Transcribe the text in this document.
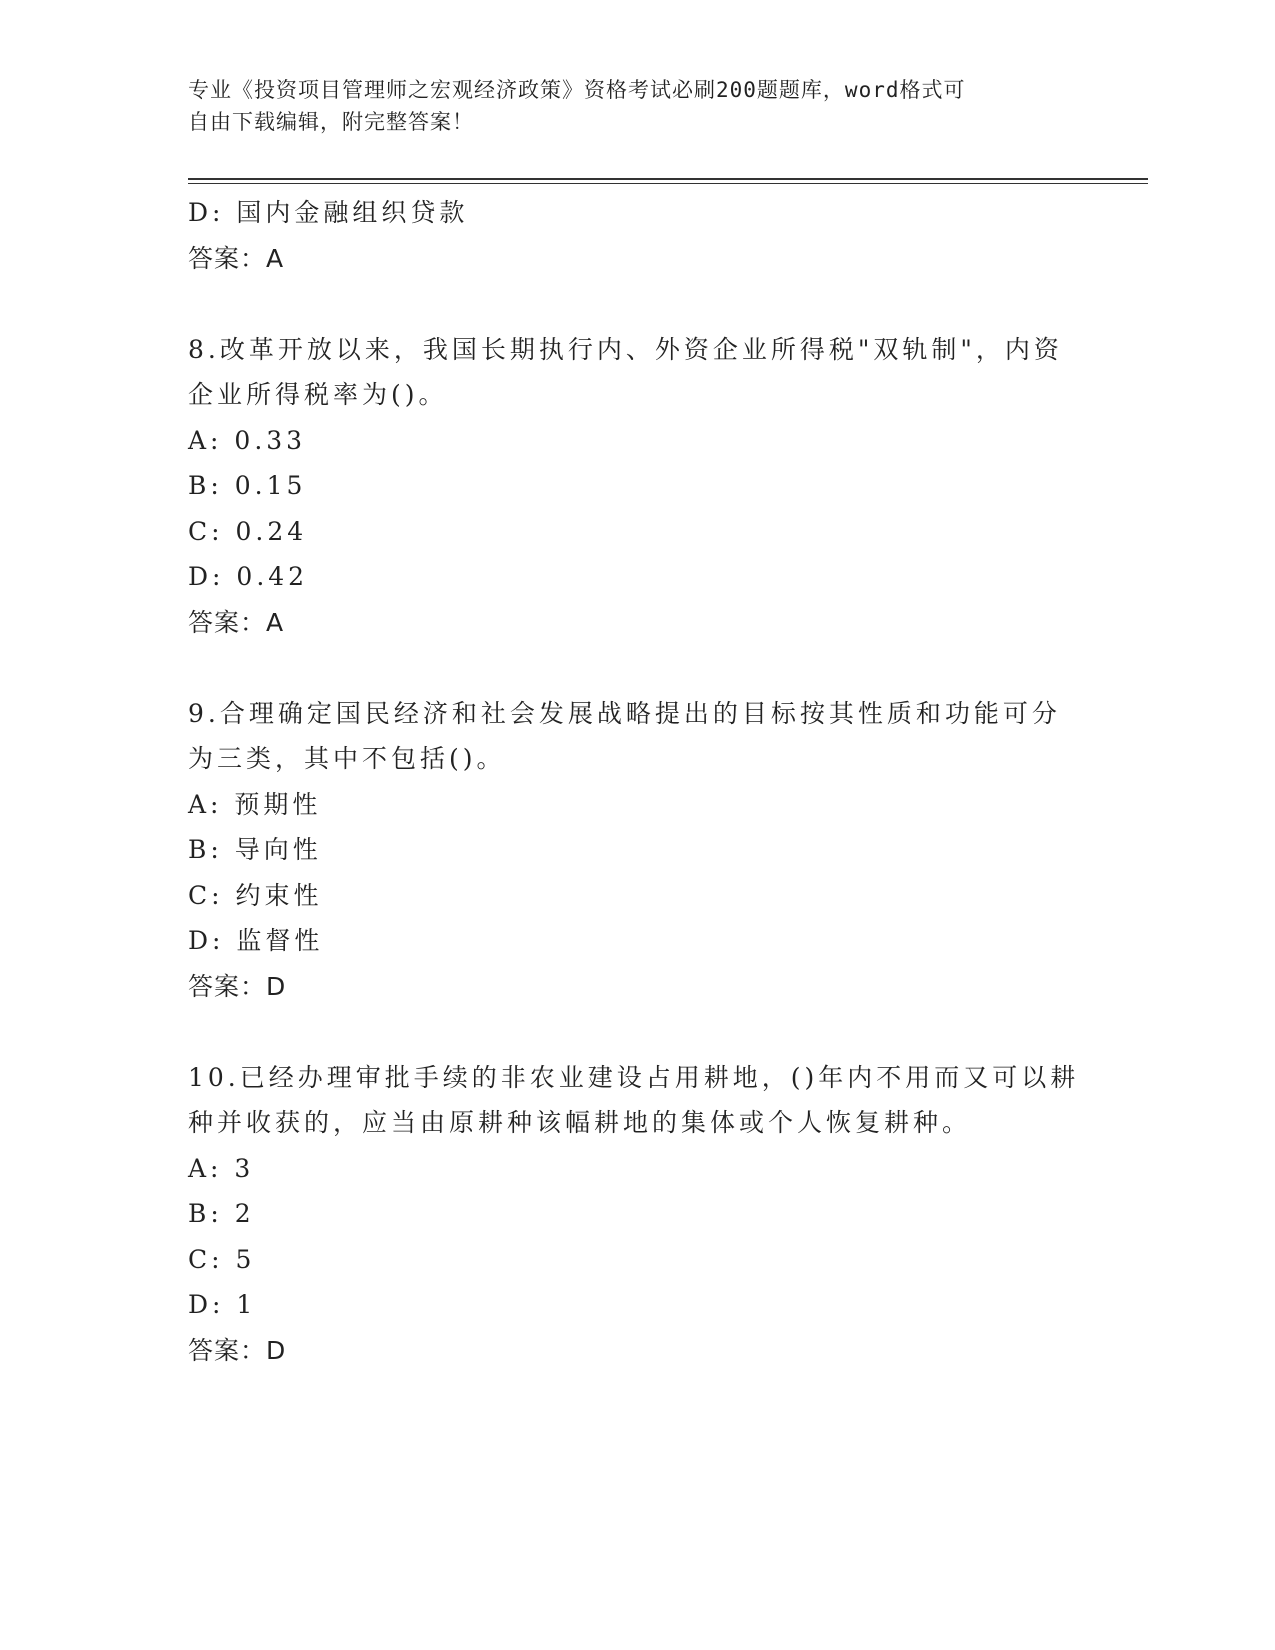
专业《投资项目管理师之宏观经济政策》资格考试必刷200题题库，word格式可
自由下载编辑，附完整答案！
D: 国内金融组织贷款
答案：A
8.改革开放以来，我国长期执行内、外资企业所得税"双轨制"，内资
企业所得税率为()。
A: 0.33
B: 0.15
C: 0.24
D: 0.42
答案：A
9.合理确定国民经济和社会发展战略提出的目标按其性质和功能可分
为三类，其中不包括()。
A: 预期性
B: 导向性
C: 约束性
D: 监督性
答案：D
10.已经办理审批手续的非农业建设占用耕地，()年内不用而又可以耕
种并收获的，应当由原耕种该幅耕地的集体或个人恢复耕种。
A: 3
B: 2
C: 5
D: 1
答案：D
